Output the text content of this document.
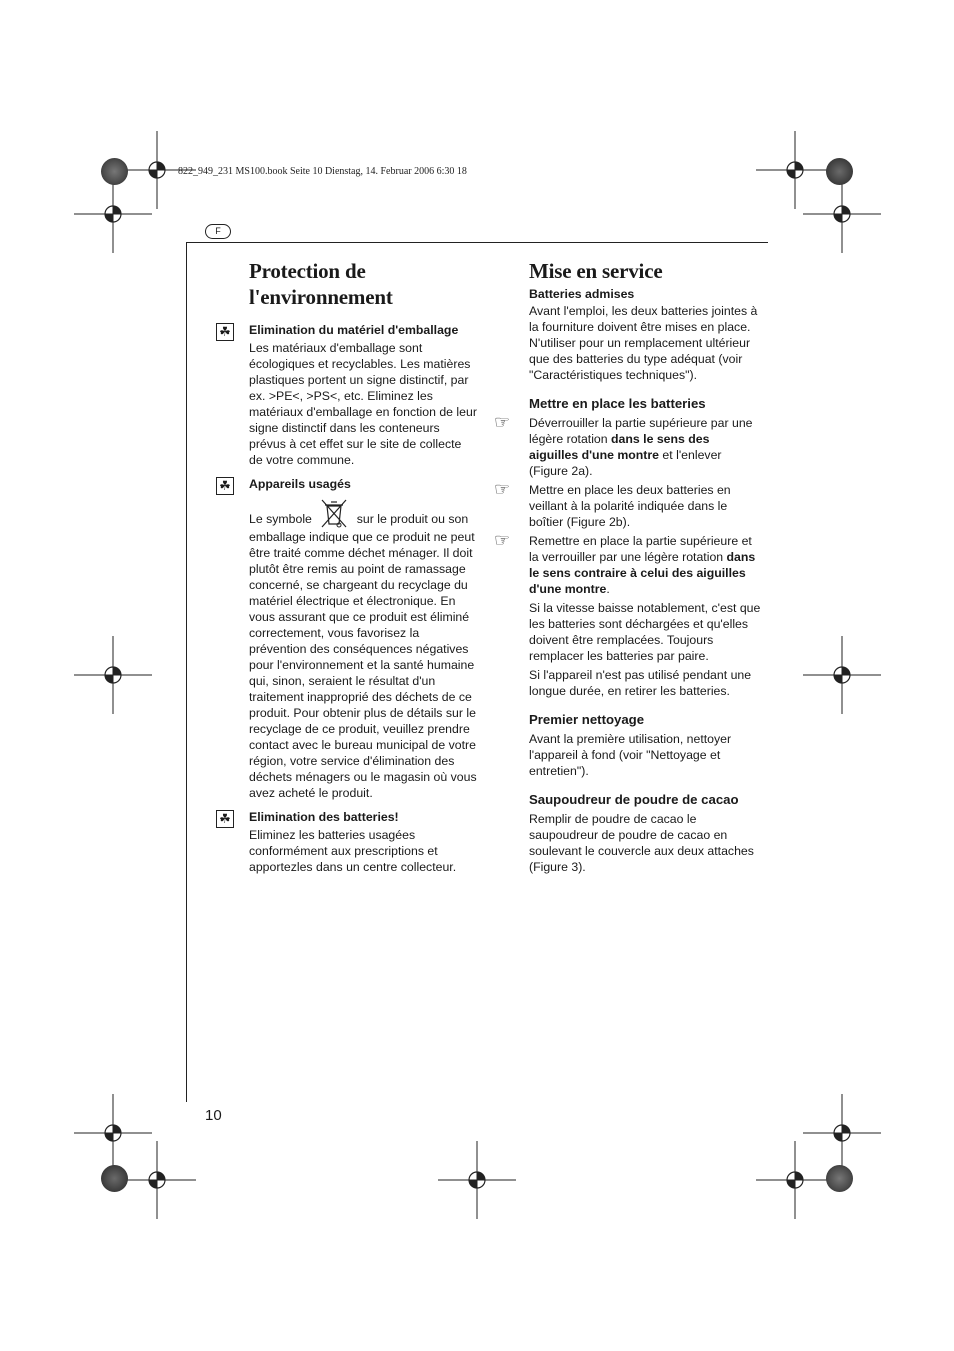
822_949_231 MS100.book Seite 10 Dienstag, 14. Februar 2006 6:30 18
F
10
Protection de
l'environnement
☘ Elimination du matériel d'emballage

Les matériaux d'emballage sont écologiques et recyclables. Les matières plastiques portent un signe distinctif, par ex. >PE<, >PS<, etc. Eliminez les matériaux d'emballage en fonction de leur signe distinctif dans les conteneurs prévus à cet effet sur le site de collecte de votre commune.

☘ Appareils usagés
Le symbole	sur le produit ou son

emballage indique que ce produit ne peut être traité comme déchet ménager. Il doit plutôt être remis au point de ramassage concerné, se chargeant du recyclage du matériel électrique et électronique. En vous assurant que ce produit est éliminé correctement, vous favorisez la prévention des conséquences négatives pour l'environnement et la santé humaine qui, sinon, seraient le résultat d'un traitement inapproprié des déchets de ce produit. Pour obtenir plus de détails sur le recyclage de ce produit, veuillez prendre contact avec le bureau municipal de votre région, votre service d'élimination des déchets ménagers ou le magasin où vous avez acheté le produit.

☘ Elimination des batteries!

Eliminez les batteries usagées conformément aux prescriptions et apportezles dans un centre collecteur.

Mise en service
Batteries admises

Avant l'emploi, les deux batteries jointes à la fourniture doivent être mises en place. N'utiliser pour un remplacement ultérieur que des batteries du type adéquat (voir "Caractéristiques techniques").

Mettre en place les batteries
☞	Déverrouiller la partie supérieure par une légère rotation dans le sens des aiguilles d'une montre et l'enlever (Figure 2a).

☞	Mettre en place les deux batteries en veillant à la polarité indiquée dans le boîtier (Figure 2b).

☞	Remettre en place la partie supérieure et la verrouiller par une légère rotation dans le sens contraire à celui des aiguilles d'une montre.

Si la vitesse baisse notablement, c'est que les batteries sont déchargées et qu'elles doivent être remplacées. Toujours remplacer les batteries par paire.

Si l'appareil n'est pas utilisé pendant une longue durée, en retirer les batteries.

Premier nettoyage

Avant la première utilisation, nettoyer l'appareil à fond (voir "Nettoyage et entretien").

Saupoudreur de poudre de cacao

Remplir de poudre de cacao le saupoudreur de poudre de cacao en soulevant le couvercle aux deux attaches (Figure 3).
